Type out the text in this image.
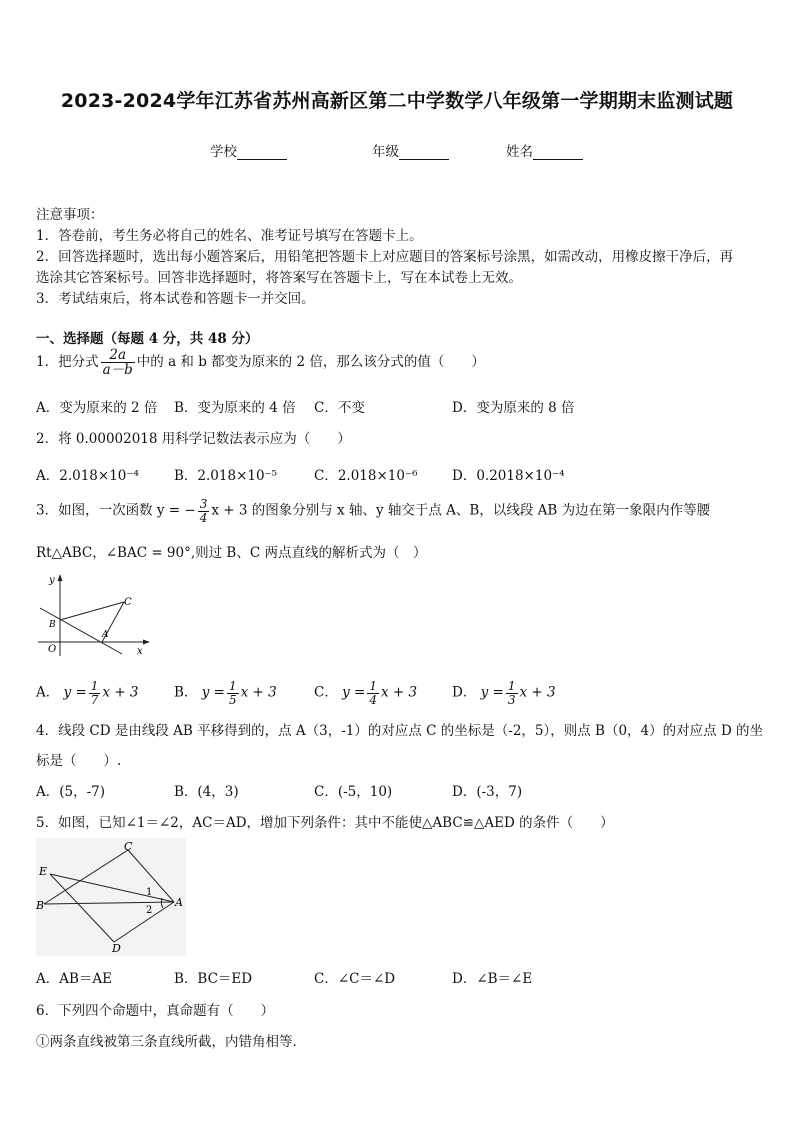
2023-2024学年江苏省苏州高新区第二中学数学八年级第一学期期末监测试题
学校	年级	姓名
注意事项：
1．答卷前，考生务必将自己的姓名、准考证号填写在答题卡上。
2．回答选择题时，选出每小题答案后，用铅笔把答题卡上对应题目的答案标号涂黑，如需改动，用橡皮擦干净后，再
选涂其它答案标号。回答非选择题时，将答案写在答题卡上，写在本试卷上无效。
3．考试结束后，将本试卷和答题卡一并交回。
一、选择题（每题 4 分，共 48 分）
1．把分式 $\frac{2a}{a-b}$ 中的 a 和 b 都变为原来的 2 倍，那么该分式的值（　　）
A．变为原来的 2 倍 B．变为原来的 4 倍 C．不变	D．变为原来的 8 倍
2．将 0.00002018 用科学记数法表示应为（　　）
A．2.018×10⁻⁴	B．2.018×10⁻⁵	C．2.018×10⁻⁶	D．0.2018×10⁻⁴
3．如图，一次函数 y = − $\frac{3}{4}$ x + 3 的图象分别与 x 轴、y 轴交于点 A、B，以线段 AB 为边在第一象限内作等腰
Rt△ABC，∠BAC = 90°,则过 B、C 两点直线的解析式为（　）
y
x
O
A
B
C
A． $y = \frac{1}{7}$ x + 3	B． $y = \frac{1}{5}$ x + 3	C． $y = \frac{1}{4}$ x + 3	D． $y = \frac{1}{3}$ x + 3
4．线段 CD 是由线段 AB 平移得到的，点 A（3，-1）的对应点 C 的坐标是（-2，5），则点 B（0，4）的对应点 D 的坐
标是（　　）.
A．(5，-7)	B．(4，3)	C．(-5，10)	D．(-3，7)
5．如图，已知∠1＝∠2，AC＝AD，增加下列条件：其中不能使△ABC≌△AED 的条件（　　）
C
E
B	A
D
1
2
A．AB＝AE	B．BC＝ED	C．∠C＝∠D	D．∠B＝∠E
6．下列四个命题中，真命题有（　　）
①两条直线被第三条直线所截，内错角相等．
